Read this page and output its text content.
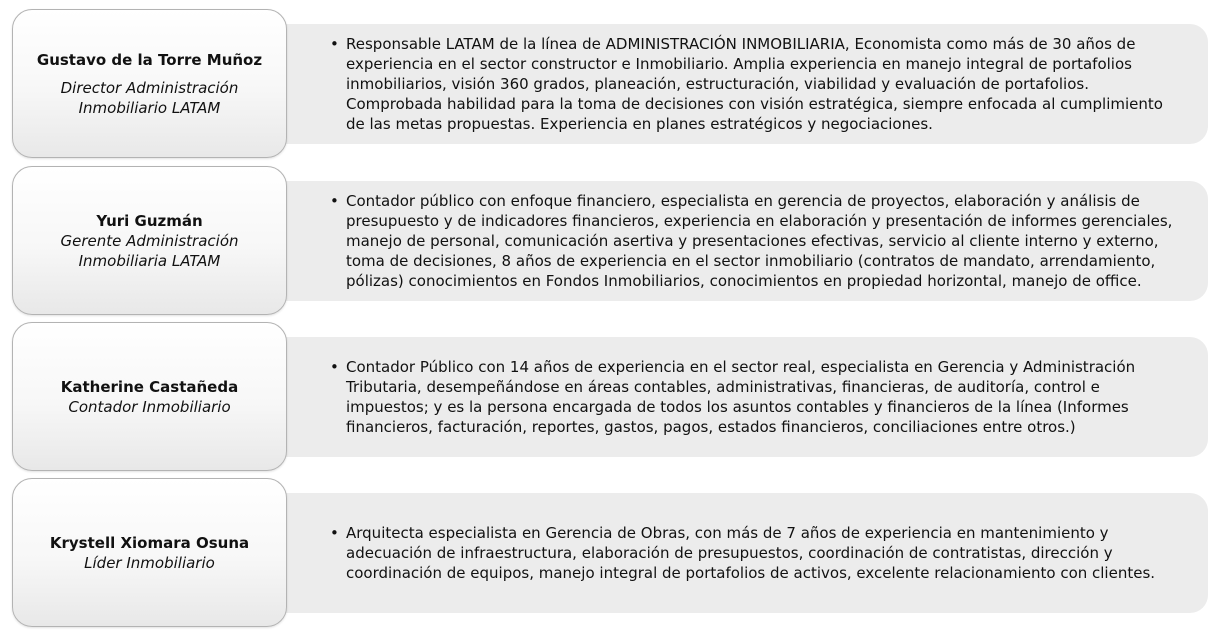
• Responsable LATAM de la línea de ADMINISTRACIÓN INMOBILIARIA, Economista como más de 30 años de experiencia en el sector constructor e Inmobiliario. Amplia experiencia en manejo integral de portafolios inmobiliarios, visión 360 grados, planeación, estructuración, viabilidad y evaluación de portafolios. Comprobada habilidad para la toma de decisiones con visión estratégica, siempre enfocada al cumplimiento de las metas propuestas. Experiencia en planes estratégicos y negociaciones.
Gustavo de la Torre Muñoz
Director Administración
Inmobiliario LATAM
• Contador público con enfoque financiero, especialista en gerencia de proyectos, elaboración y análisis de presupuesto y de indicadores financieros, experiencia en elaboración y presentación de informes gerenciales, manejo de personal, comunicación asertiva y presentaciones efectivas, servicio al cliente interno y externo, toma de decisiones, 8 años de experiencia en el sector inmobiliario (contratos de mandato, arrendamiento, pólizas) conocimientos en Fondos Inmobiliarios, conocimientos en propiedad horizontal, manejo de office.
Yuri Guzmán
Gerente Administración
Inmobiliaria LATAM
• Contador Público con 14 años de experiencia en el sector real, especialista en Gerencia y Administración Tributaria, desempeñándose en áreas contables, administrativas, financieras, de auditoría, control e impuestos; y es la persona encargada de todos los asuntos contables y financieros de la línea (Informes financieros, facturación, reportes, gastos, pagos, estados financieros, conciliaciones entre otros.)
Katherine Castañeda
Contador Inmobiliario
• Arquitecta especialista en Gerencia de Obras, con más de 7 años de experiencia en mantenimiento y adecuación de infraestructura, elaboración de presupuestos, coordinación de contratistas, dirección y coordinación de equipos, manejo integral de portafolios de activos, excelente relacionamiento con clientes.
Krystell Xiomara Osuna
Líder Inmobiliario
